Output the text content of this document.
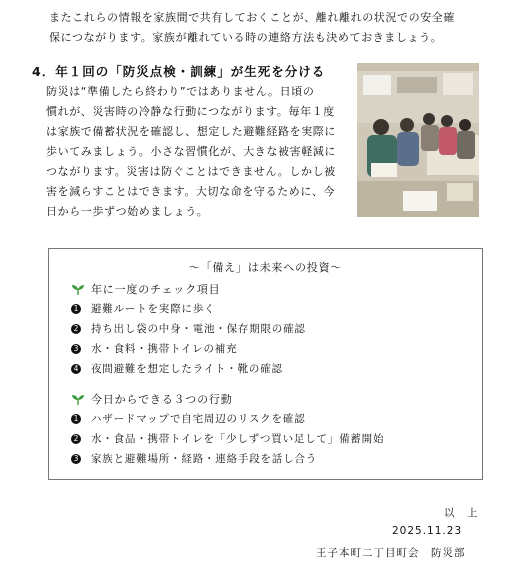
またこれらの情報を家族間で共有しておくことが、離れ離れの状況での安全確
保につながります。家族が離れている時の連絡方法も決めておきましょう。
4．年１回の「防災点検・訓練」が生死を分ける
防災は“準備したら終わり”ではありません。日頃の
慣れが、災害時の冷静な行動につながります。毎年１度
は家族で備蓄状況を確認し、想定した避難経路を実際に
歩いてみましょう。小さな習慣化が、大きな被害軽減に
つながります。災害は防ぐことはできません。しかし被
害を減らすことはできます。大切な命を守るために、今
日から一歩ずつ始めましょう。
～「備え」は未来への投資～
年に一度のチェック項目
1 避難ルートを実際に歩く
2 持ち出し袋の中身・電池・保存期限の確認
3 水・食料・携帯トイレの補充
4 夜間避難を想定したライト・靴の確認
今日からできる３つの行動
1 ハザードマップで自宅周辺のリスクを確認
2 水・食品・携帯トイレを「少しずつ買い足して」備蓄開始
3 家族と避難場所・経路・連絡手段を話し合う
以　上
2025.11.23
王子本町二丁目町会　防災部
